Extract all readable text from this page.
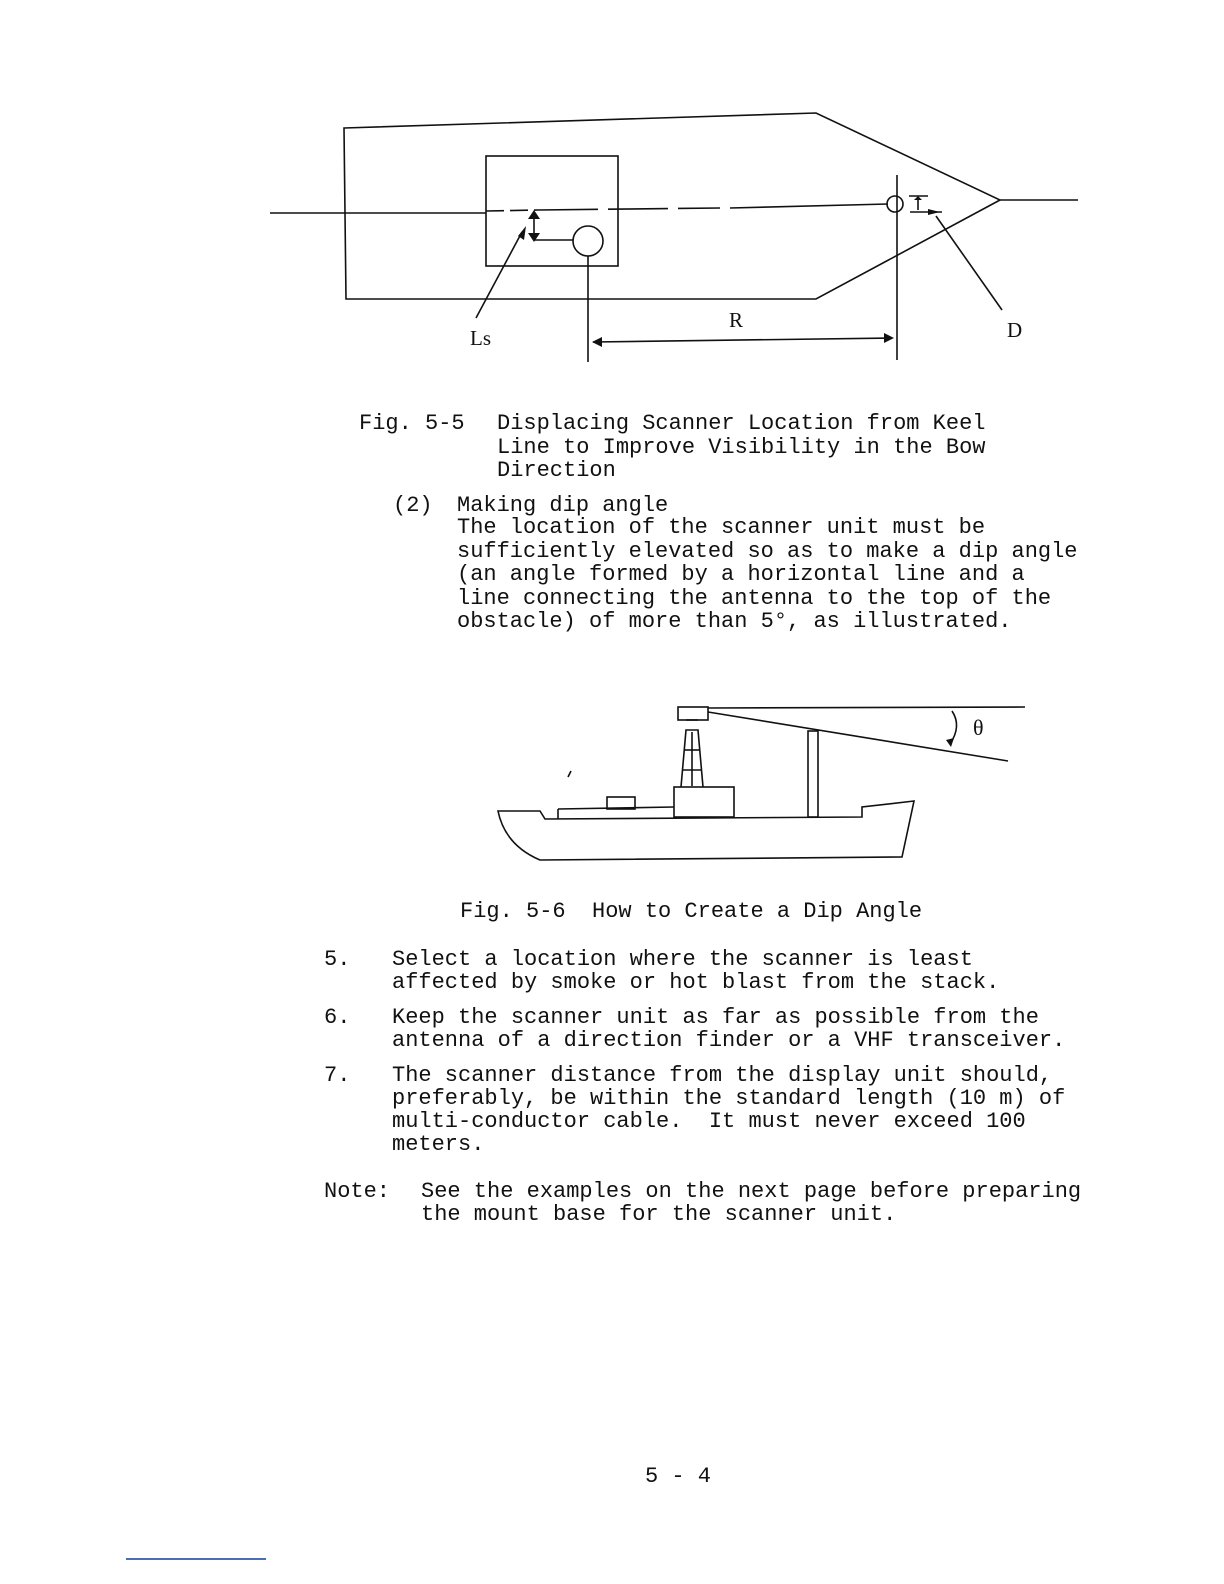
Ls
R	D
Fig. 5-5 Displacing Scanner Location from Keel
Line to Improve Visibility in the Bow
Direction
(2) Making dip angle
The location of the scanner unit must be
sufficiently elevated so as to make a dip angle
(an angle formed by a horizontal line and a
line connecting the antenna to the top of the
obstacle) of more than 5°, as illustrated.
θ
Fig. 5-6  How to Create a Dip Angle
5. Select a location where the scanner is least
affected by smoke or hot blast from the stack.
6. Keep the scanner unit as far as possible from the
antenna of a direction finder or a VHF transceiver.
7. The scanner distance from the display unit should,
preferably, be within the standard length (10 m) of
multi-conductor cable.  It must never exceed 100
meters.
Note: See the examples on the next page before preparing
the mount base for the scanner unit.
5 - 4
